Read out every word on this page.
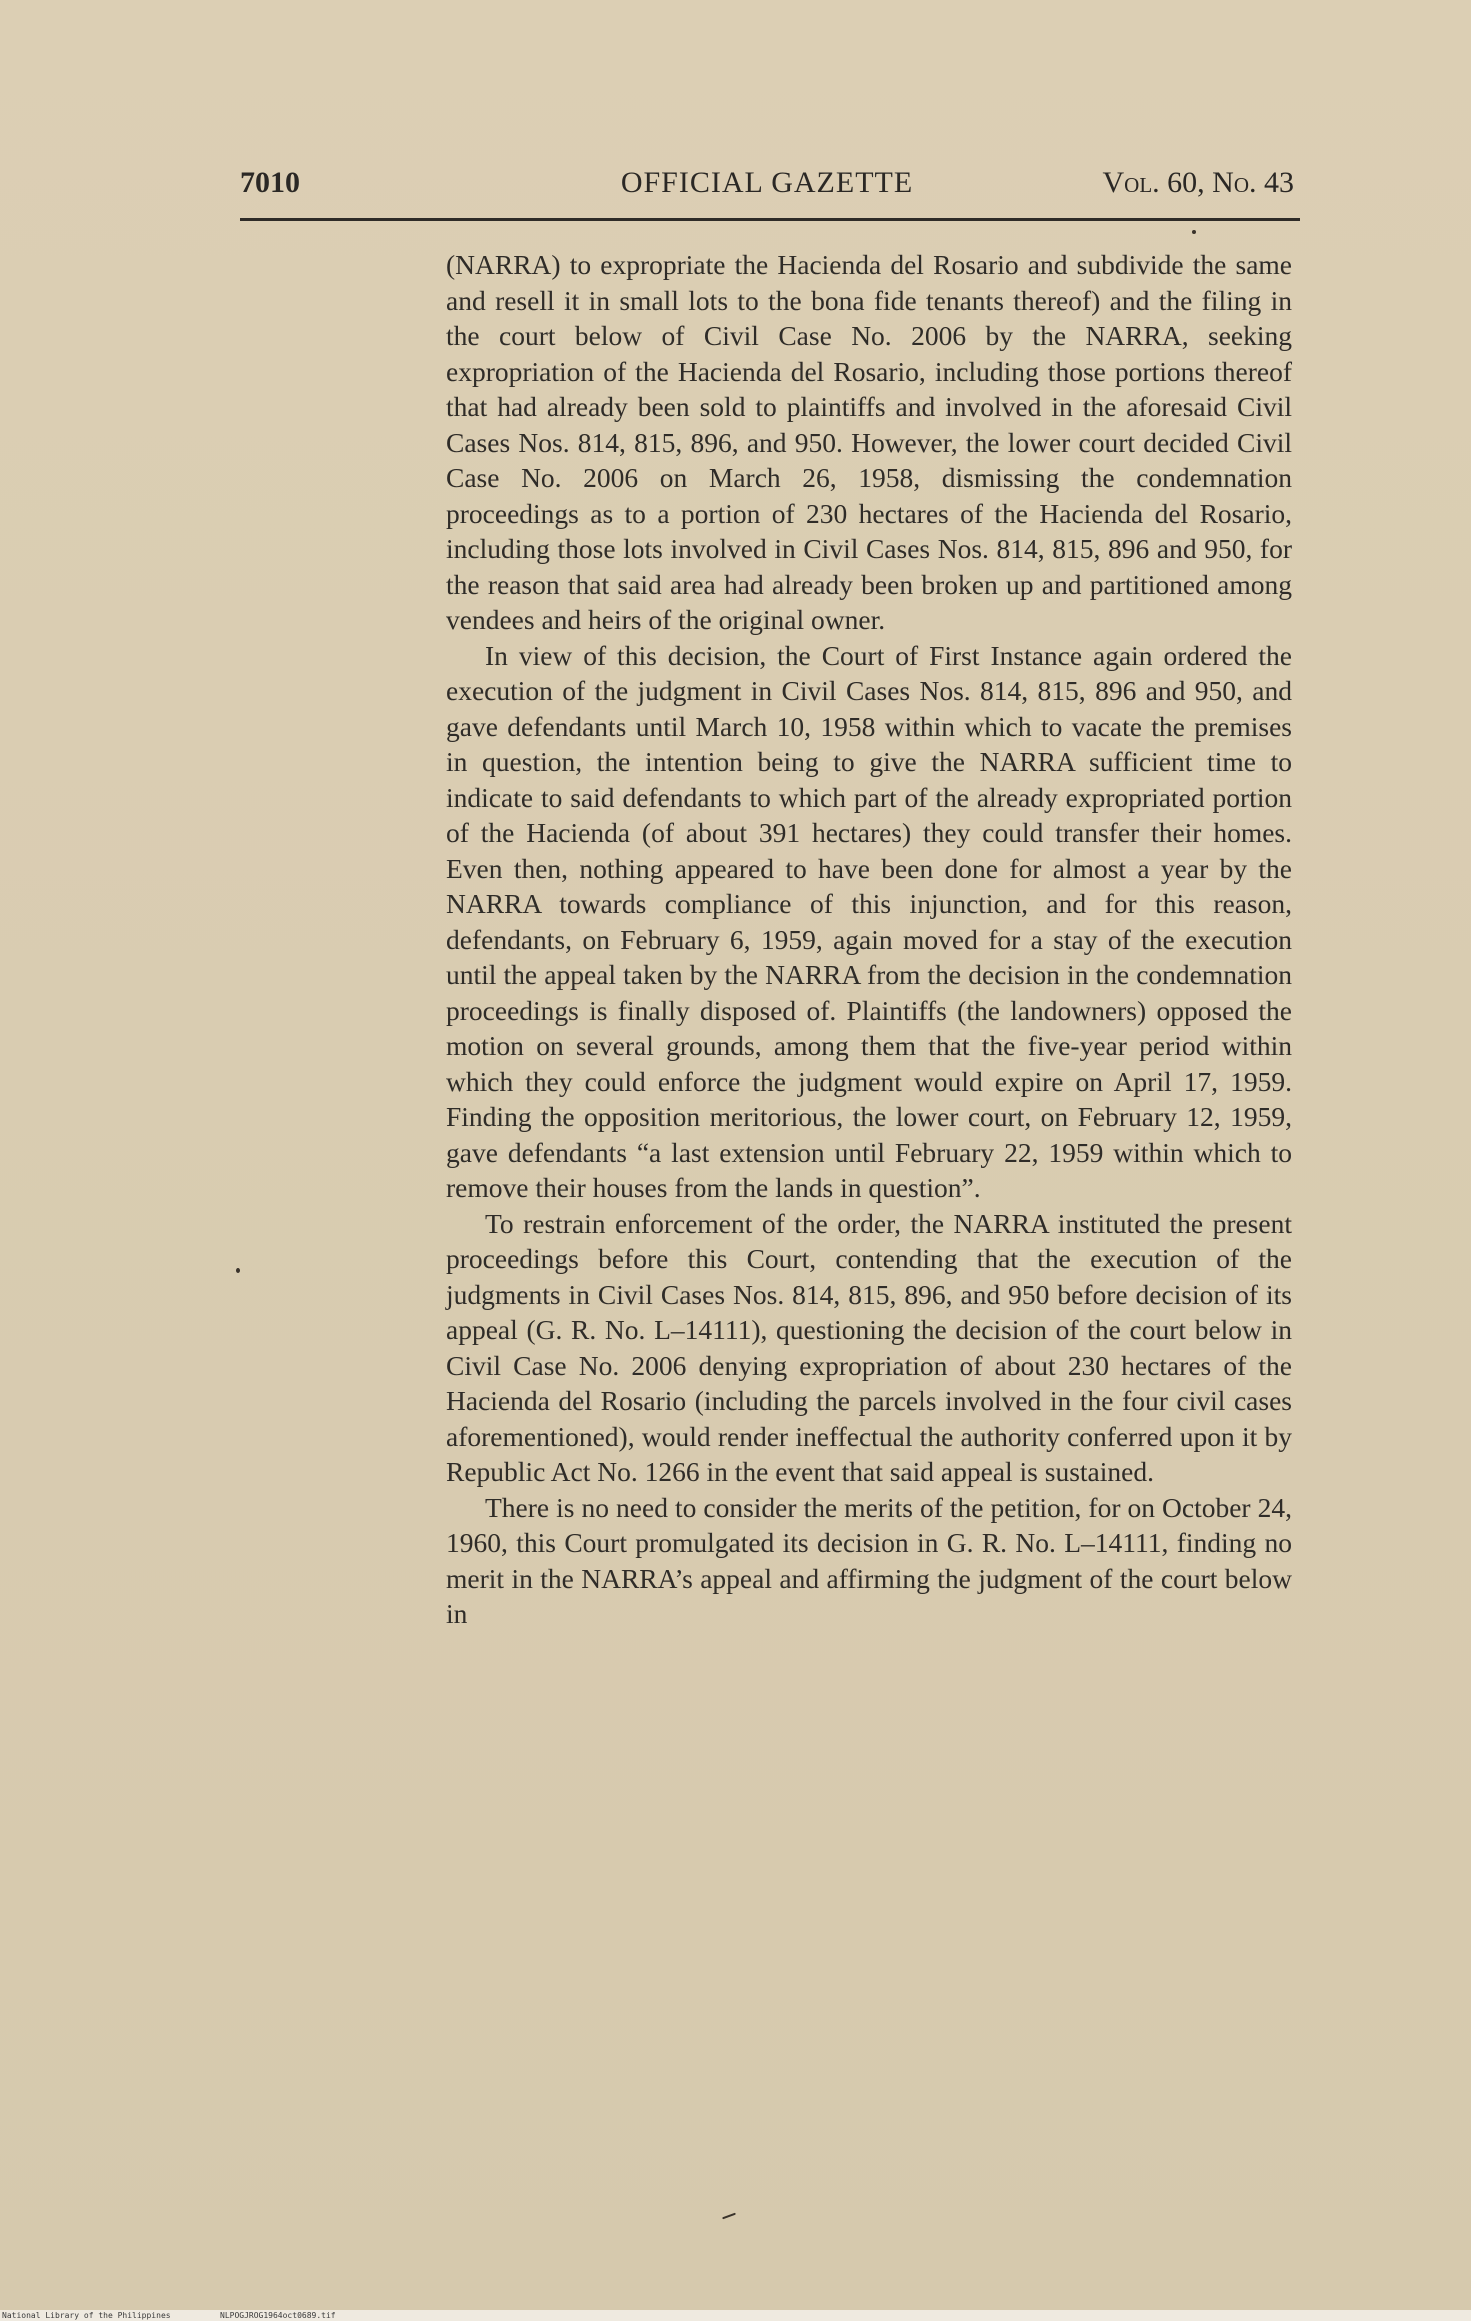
7010	OFFICIAL GAZETTE	Vol. 60, No. 43

(NARRA) to expropriate the Hacienda del Rosario and subdivide the same and resell it in small lots to the bona fide tenants thereof) and the filing in the court below of Civil Case No. 2006 by the NARRA, seeking expropriation of the Hacienda del Rosario, including those portions thereof that had already been sold to plaintiffs and involved in the aforesaid Civil Cases Nos. 814, 815, 896, and 950. However, the lower court decided Civil Case No. 2006 on March 26, 1958, dismissing the condemnation proceedings as to a portion of 230 hectares of the Hacienda del Rosario, including those lots involved in Civil Cases Nos. 814, 815, 896 and 950, for the reason that said area had already been broken up and partitioned among vendees and heirs of the original owner.

In view of this decision, the Court of First Instance again ordered the execution of the judgment in Civil Cases Nos. 814, 815, 896 and 950, and gave defendants until March 10, 1958 within which to vacate the premises in question, the intention being to give the NARRA sufficient time to indicate to said defendants to which part of the already expropriated portion of the Hacienda (of about 391 hectares) they could transfer their homes. Even then, nothing appeared to have been done for almost a year by the NARRA towards compliance of this injunction, and for this reason, defendants, on February 6, 1959, again moved for a stay of the execution until the appeal taken by the NARRA from the decision in the condemnation proceedings is finally disposed of. Plaintiffs (the landowners) opposed the motion on several grounds, among them that the five-year period within which they could enforce the judgment would expire on April 17, 1959. Finding the opposition meritorious, the lower court, on February 12, 1959, gave defendants “a last extension until February 22, 1959 within which to remove their houses from the lands in question”.

To restrain enforcement of the order, the NARRA instituted the present proceedings before this Court, contending that the execution of the judgments in Civil Cases Nos. 814, 815, 896, and 950 before decision of its appeal (G. R. No. L–14111), questioning the decision of the court below in Civil Case No. 2006 denying expropriation of about 230 hectares of the Hacienda del Rosario (including the parcels involved in the four civil cases aforementioned), would render ineffectual the authority conferred upon it by Republic Act No. 1266 in the event that said appeal is sustained.

There is no need to consider the merits of the petition, for on October 24, 1960, this Court promulgated its decision in G. R. No. L–14111, finding no merit in the NARRA’s appeal and affirming the judgment of the court below in

National Library of the Philippines	NLPOGJROG1964oct0689.tif
